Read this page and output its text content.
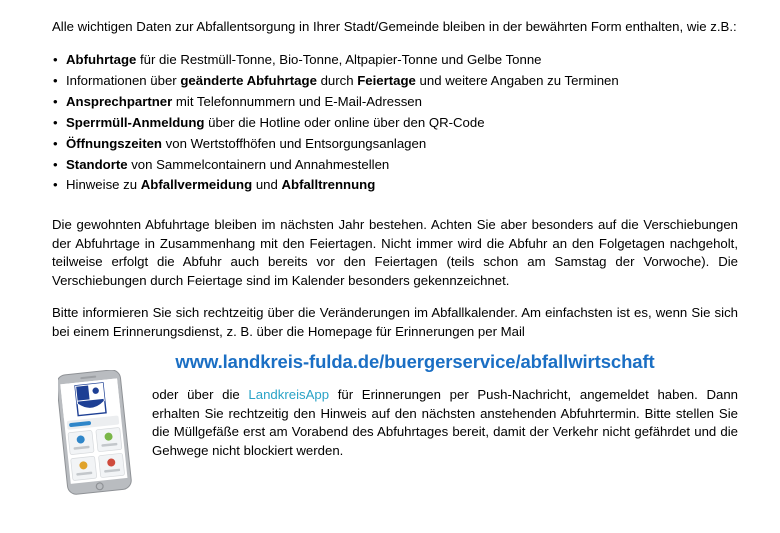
Alle wichtigen Daten zur Abfallentsorgung in Ihrer Stadt/Gemeinde bleiben in der bewährten Form enthalten, wie z.B.:

• Abfuhrtage für die Restmüll-Tonne, Bio-Tonne, Altpapier-Tonne und Gelbe Tonne
• Informationen über geänderte Abfuhrtage durch Feiertage und weitere Angaben zu Terminen
• Ansprechpartner mit Telefonnummern und E-Mail-Adressen
• Sperrmüll-Anmeldung über die Hotline oder online über den QR-Code
• Öffnungszeiten von Wertstoffhöfen und Entsorgungsanlagen
• Standorte von Sammelcontainern und Annahmestellen
• Hinweise zu Abfallvermeidung und Abfalltrennung

Die gewohnten Abfuhrtage bleiben im nächsten Jahr bestehen. Achten Sie aber besonders auf die Verschiebungen der Abfuhrtage in Zusammenhang mit den Feiertagen. Nicht immer wird die Abfuhr an den Folgetagen nachgeholt, teilweise erfolgt die Abfuhr auch bereits vor den Feiertagen (teils schon am Samstag der Vorwoche). Die Verschiebungen durch Feiertage sind im Kalender besonders gekennzeichnet.

Bitte informieren Sie sich rechtzeitig über die Veränderungen im Abfallkalender. Am einfachsten ist es, wenn Sie sich bei einem Erinnerungsdienst, z. B. über die Homepage für Erinnerungen per Mail

www.landkreis-fulda.de/buergerservice/abfallwirtschaft

oder über die LandkreisApp für Erinnerungen per Push-Nachricht, angemeldet haben. Dann erhalten Sie rechtzeitig den Hinweis auf den nächsten anstehenden Abfuhrtermin. Bitte stellen Sie die Müllgefäße erst am Vorabend des Abfuhrtages bereit, damit der Verkehr nicht gefährdet und die Gehwege nicht blockiert werden.
